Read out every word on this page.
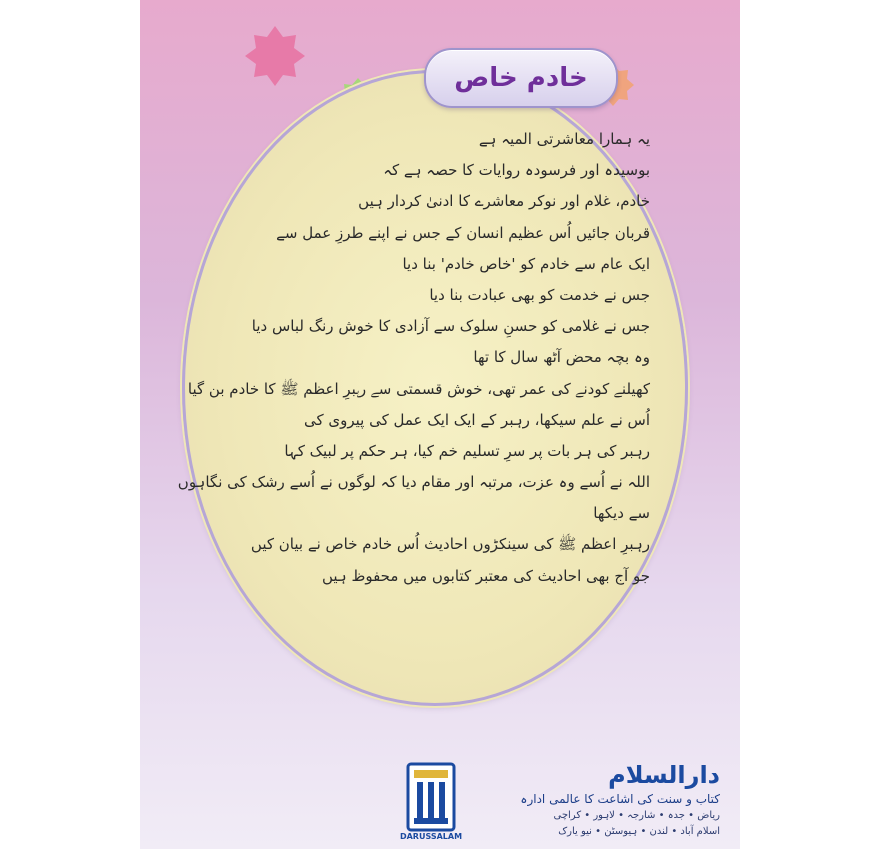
خادم خاص
یہ ہمارا معاشرتی المیہ ہے
بوسیدہ اور فرسودہ روایات کا حصہ ہے کہ
خادم، غلام اور نوکر معاشرے کا ادنیٰ کردار ہیں
قربان جائیں اُس عظیم انسان کے جس نے اپنے طرزِ عمل سے
ایک عام سے خادم کو 'خاص خادم' بنا دیا
جس نے خدمت کو بھی عبادت بنا دیا
جس نے غلامی کو حسنِ سلوک سے آزادی کا خوش رنگ لباس دیا
وہ بچہ محض آٹھ سال کا تھا
کھیلنے کودنے کی عمر تھی، خوش قسمتی سے رہبرِ اعظم ﷺ کا خادم بن گیا
اُس نے علم سیکھا، رہبر کے ایک ایک عمل کی پیروی کی
رہبر کی ہر بات پر سرِ تسلیم خم کیا، ہر حکم پر لبیک کہا
اللہ نے اُسے وہ عزت، مرتبہ اور مقام دیا کہ لوگوں نے اُسے رشک کی نگاہوں
سے دیکھا
رہبرِ اعظم ﷺ کی سینکڑوں احادیث اُس خادم خاص نے بیان کیں
جو آج بھی احادیث کی معتبر کتابوں میں محفوظ ہیں
DARUSSALAM
دارالسلام
کتاب و سنت کی اشاعت کا عالمی ادارہ
ریاض • جدہ • شارجہ • لاہور • کراچی
اسلام آباد • لندن • ہیوسٹن • نیو یارک
